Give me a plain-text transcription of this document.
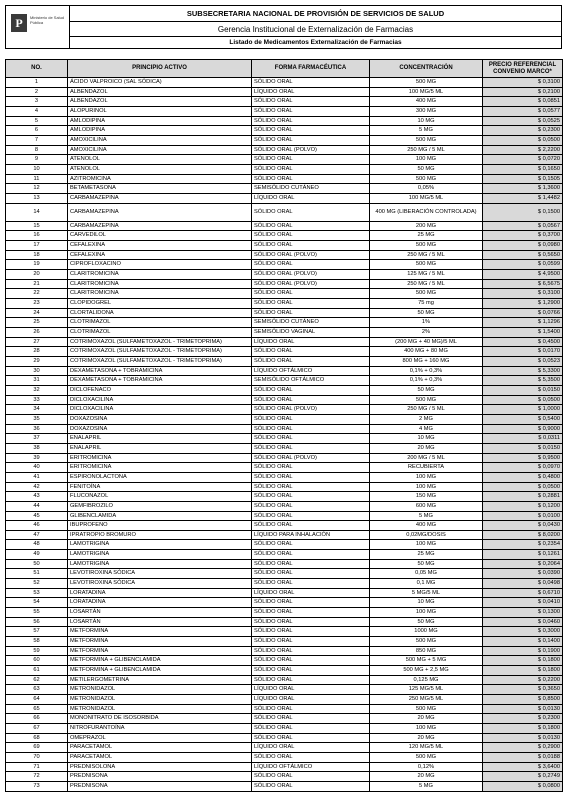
P	Ministerio de Salud Pública
SUBSECRETARIA NACIONAL DE PROVISIÓN DE SERVICIOS DE SALUD
Gerencia Institucional de Externalización de Farmacias
Listado de Medicamentos Externalización de Farmacias
NO.	PRINCIPIO ACTIVO	FORMA FARMACÉUTICA	CONCENTRACIÓN	PRECIO REFERENCIAL CONVENIO MARCO*
1	ÁCIDO VALPROICO (SAL SÓDICA)	SÓLIDO ORAL	500 MG	$ 0,3100
2	ALBENDAZOL	LÍQUIDO ORAL	100 MG/5 ML	$ 0,2100
3	ALBENDAZOL	SÓLIDO ORAL	400 MG	$ 0,0851
4	ALOPURINOL	SÓLIDO ORAL	300 MG	$ 0,0577
5	AMLODIPINA	SÓLIDO ORAL	10 MG	$ 0,0525
6	AMLODIPINA	SÓLIDO ORAL	5 MG	$ 0,2300
7	AMOXICILINA	SÓLIDO ORAL	500 MG	$ 0,0500
8	AMOXICILINA	SÓLIDO ORAL (POLVO)	250 MG / 5 ML	$ 2,2200
9	ATENOLOL	SÓLIDO ORAL	100 MG	$ 0,0720
10	ATENOLOL	SÓLIDO ORAL	50 MG	$ 0,1650
11	AZITROMICINA	SÓLIDO ORAL	500 MG	$ 0,1505
12	BETAMETASONA	SEMISÓLIDO CUTÁNEO	0,05%	$ 1,3600
13	CARBAMAZEPINA	LÍQUIDO ORAL	100 MG/5 ML	$ 1,4482
14	CARBAMAZEPINA	SÓLIDO ORAL	400 MG (LIBERACIÓN CONTROLADA)	$ 0,1500
15	CARBAMAZEPINA	SÓLIDO ORAL	200 MG	$ 0,0567
16	CARVEDILOL	SÓLIDO ORAL	25 MG	$ 0,3700
17	CEFALEXINA	SÓLIDO ORAL	500 MG	$ 0,0980
18	CEFALEXINA	SÓLIDO ORAL (POLVO)	250 MG / 5 ML	$ 0,5650
19	CIPROFLOXACINO	SÓLIDO ORAL	500 MG	$ 0,0599
20	CLARITROMICINA	SÓLIDO ORAL (POLVO)	125 MG / 5 ML	$ 4,9500
21	CLARITROMICINA	SÓLIDO ORAL (POLVO)	250 MG / 5 ML	$ 6,5675
22	CLARITROMICINA	SÓLIDO ORAL	500 MG	$ 0,3100
23	CLOPIDOGREL	SÓLIDO ORAL	75 mg	$ 1,2900
24	CLORTALIDONA	SÓLIDO ORAL	50 MG	$ 0,0766
25	CLOTRIMAZOL	SEMISÓLIDO CUTÁNEO	1%	$ 1,1296
26	CLOTRIMAZOL	SEMISÓLIDO VAGINAL	2%	$ 1,5400
27	COTRIMOXAZOL (SULFAMETOXAZOL - TRIMETOPRIMA)	LÍQUIDO ORAL	(200 MG + 40 MG)/5 ML	$ 0,4500
28	COTRIMOXAZOL (SULFAMETOXAZOL - TRIMETOPRIMA)	SÓLIDO ORAL	400 MG + 80 MG	$ 0,0170
29	COTRIMOXAZOL (SULFAMETOXAZOL - TRIMETOPRIMA)	SÓLIDO ORAL	800 MG + 160 MG	$ 0,0523
30	DEXAMETASONA + TOBRAMICINA	LÍQUIDO OFTÁLMICO	0,1% + 0,3%	$ 5,3300
31	DEXAMETASONA + TOBRAMICINA	SEMISÓLIDO OFTÁLMICO	0,1% + 0,3%	$ 5,3500
32	DICLOFENACO	SÓLIDO ORAL	50 MG	$ 0,0150
33	DICLOXACILINA	SÓLIDO ORAL	500 MG	$ 0,0500
34	DICLOXACILINA	SÓLIDO ORAL (POLVO)	250 MG / 5 ML	$ 1,0000
35	DOXAZOSINA	SÓLIDO ORAL	2 MG	$ 0,5400
36	DOXAZOSINA	SÓLIDO ORAL	4 MG	$ 0,9000
37	ENALAPRIL	SÓLIDO ORAL	10 MG	$ 0,0311
38	ENALAPRIL	SÓLIDO ORAL	20 MG	$ 0,0150
39	ERITROMICINA	SÓLIDO ORAL (POLVO)	200 MG / 5 ML	$ 0,9500
40	ERITROMICINA	SÓLIDO ORAL	RECUBIERTA	$ 0,0970
41	ESPIRONOLACTONA	SÓLIDO ORAL	100 MG	$ 0,4800
42	FENITOÍNA	SÓLIDO ORAL	100 MG	$ 0,0500
43	FLUCONAZOL	SÓLIDO ORAL	150 MG	$ 0,2881
44	GEMFIBROZILO	SÓLIDO ORAL	600 MG	$ 0,1200
45	GLIBENCLAMIDA	SÓLIDO ORAL	5 MG	$ 0,0100
46	IBUPROFENO	SÓLIDO ORAL	400 MG	$ 0,0430
47	IPRATROPIO BROMURO	LÍQUIDO PARA INHALACIÓN	0,02MG/DOSIS	$ 8,0200
48	LAMOTRIGINA	SÓLIDO ORAL	100 MG	$ 0,2354
49	LAMOTRIGINA	SÓLIDO ORAL	25 MG	$ 0,1261
50	LAMOTRIGINA	SÓLIDO ORAL	50 MG	$ 0,2064
51	LEVOTIROXINA SÓDICA	SÓLIDO ORAL	0,05 MG	$ 0,0390
52	LEVOTIROXINA SÓDICA	SÓLIDO ORAL	0,1 MG	$ 0,0498
53	LORATADINA	LÍQUIDO ORAL	5 MG/5 ML	$ 0,6710
54	LORATADINA	SÓLIDO ORAL	10 MG	$ 0,0410
55	LOSARTÁN	SÓLIDO ORAL	100 MG	$ 0,1300
56	LOSARTÁN	SÓLIDO ORAL	50 MG	$ 0,0460
57	METFORMINA	SÓLIDO ORAL	1000 MG	$ 0,3000
58	METFORMINA	SÓLIDO ORAL	500 MG	$ 0,1400
59	METFORMINA	SÓLIDO ORAL	850 MG	$ 0,1900
60	METFORMINA + GLIBENCLAMIDA	SÓLIDO ORAL	500 MG + 5 MG	$ 0,1800
61	METFORMINA + GLIBENCLAMIDA	SÓLIDO ORAL	500 MG + 2,5 MG	$ 0,1800
62	METILERGOMETRINA	SÓLIDO ORAL	0,125 MG	$ 0,2200
63	METRONIDAZOL	LÍQUIDO ORAL	125 MG/5 ML	$ 0,3650
64	METRONIDAZOL	LÍQUIDO ORAL	250 MG/5 ML	$ 0,8500
65	METRONIDAZOL	SÓLIDO ORAL	500 MG	$ 0,0130
66	MONONITRATO DE ISOSORBIDA	SÓLIDO ORAL	20 MG	$ 0,2300
67	NITROFURANTOÍNA	SÓLIDO ORAL	100 MG	$ 0,1800
68	OMEPRAZOL	SÓLIDO ORAL	20 MG	$ 0,0130
69	PARACETAMOL	LÍQUIDO ORAL	120 MG/5 ML	$ 0,2900
70	PARACETAMOL	SÓLIDO ORAL	500 MG	$ 0,0188
71	PREDNISOLONA	LÍQUIDO OFTÁLMICO	0,12%	$ 3,6400
72	PREDNISONA	SÓLIDO ORAL	20 MG	$ 0,2749
73	PREDNISONA	SÓLIDO ORAL	5 MG	$ 0,0800
